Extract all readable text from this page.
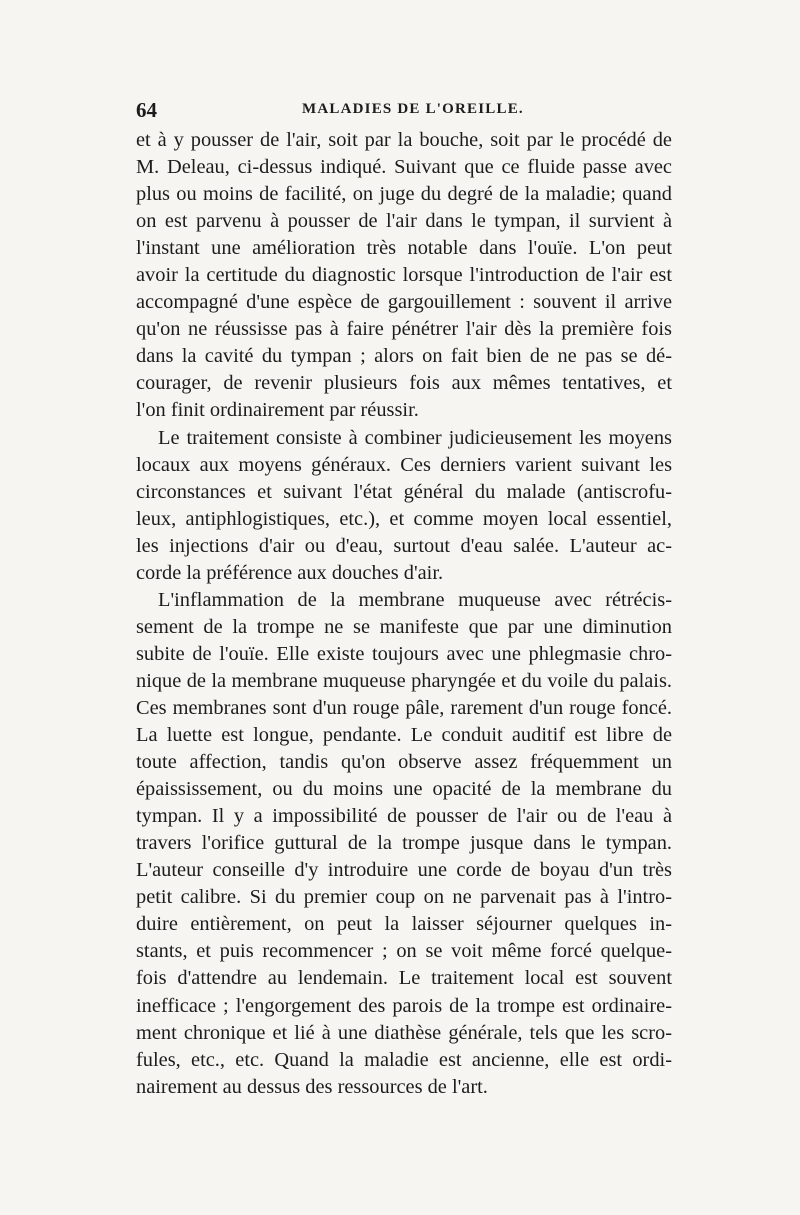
64	MALADIES DE L'OREILLE.
et à y pousser de l'air, soit par la bouche, soit par le procédé de
M. Deleau, ci-dessus indiqué. Suivant que ce fluide passe avec
plus ou moins de facilité, on juge du degré de la maladie; quand
on est parvenu à pousser de l'air dans le tympan, il survient à
l'instant une amélioration très notable dans l'ouïe. L'on peut
avoir la certitude du diagnostic lorsque l'introduction de l'air est
accompagné d'une espèce de gargouillement : souvent il arrive
qu'on ne réussisse pas à faire pénétrer l'air dès la première fois
dans la cavité du tympan ; alors on fait bien de ne pas se dé-
courager, de revenir plusieurs fois aux mêmes tentatives, et
l'on finit ordinairement par réussir.
Le traitement consiste à combiner judicieusement les moyens
locaux aux moyens généraux. Ces derniers varient suivant les
circonstances et suivant l'état général du malade (antiscrofu-
leux, antiphlogistiques, etc.), et comme moyen local essentiel,
les injections d'air ou d'eau, surtout d'eau salée. L'auteur ac-
corde la préférence aux douches d'air.
L'inflammation de la membrane muqueuse avec rétrécis-
sement de la trompe ne se manifeste que par une diminution
subite de l'ouïe. Elle existe toujours avec une phlegmasie chro-
nique de la membrane muqueuse pharyngée et du voile du palais.
Ces membranes sont d'un rouge pâle, rarement d'un rouge foncé.
La luette est longue, pendante. Le conduit auditif est libre de
toute affection, tandis qu'on observe assez fréquemment un
épaississement, ou du moins une opacité de la membrane du
tympan. Il y a impossibilité de pousser de l'air ou de l'eau à
travers l'orifice guttural de la trompe jusque dans le tympan.
L'auteur conseille d'y introduire une corde de boyau d'un très
petit calibre. Si du premier coup on ne parvenait pas à l'intro-
duire entièrement, on peut la laisser séjourner quelques in-
stants, et puis recommencer ; on se voit même forcé quelque-
fois d'attendre au lendemain. Le traitement local est souvent
inefficace ; l'engorgement des parois de la trompe est ordinaire-
ment chronique et lié à une diathèse générale, tels que les scro-
fules, etc., etc. Quand la maladie est ancienne, elle est ordi-
nairement au dessus des ressources de l'art.
